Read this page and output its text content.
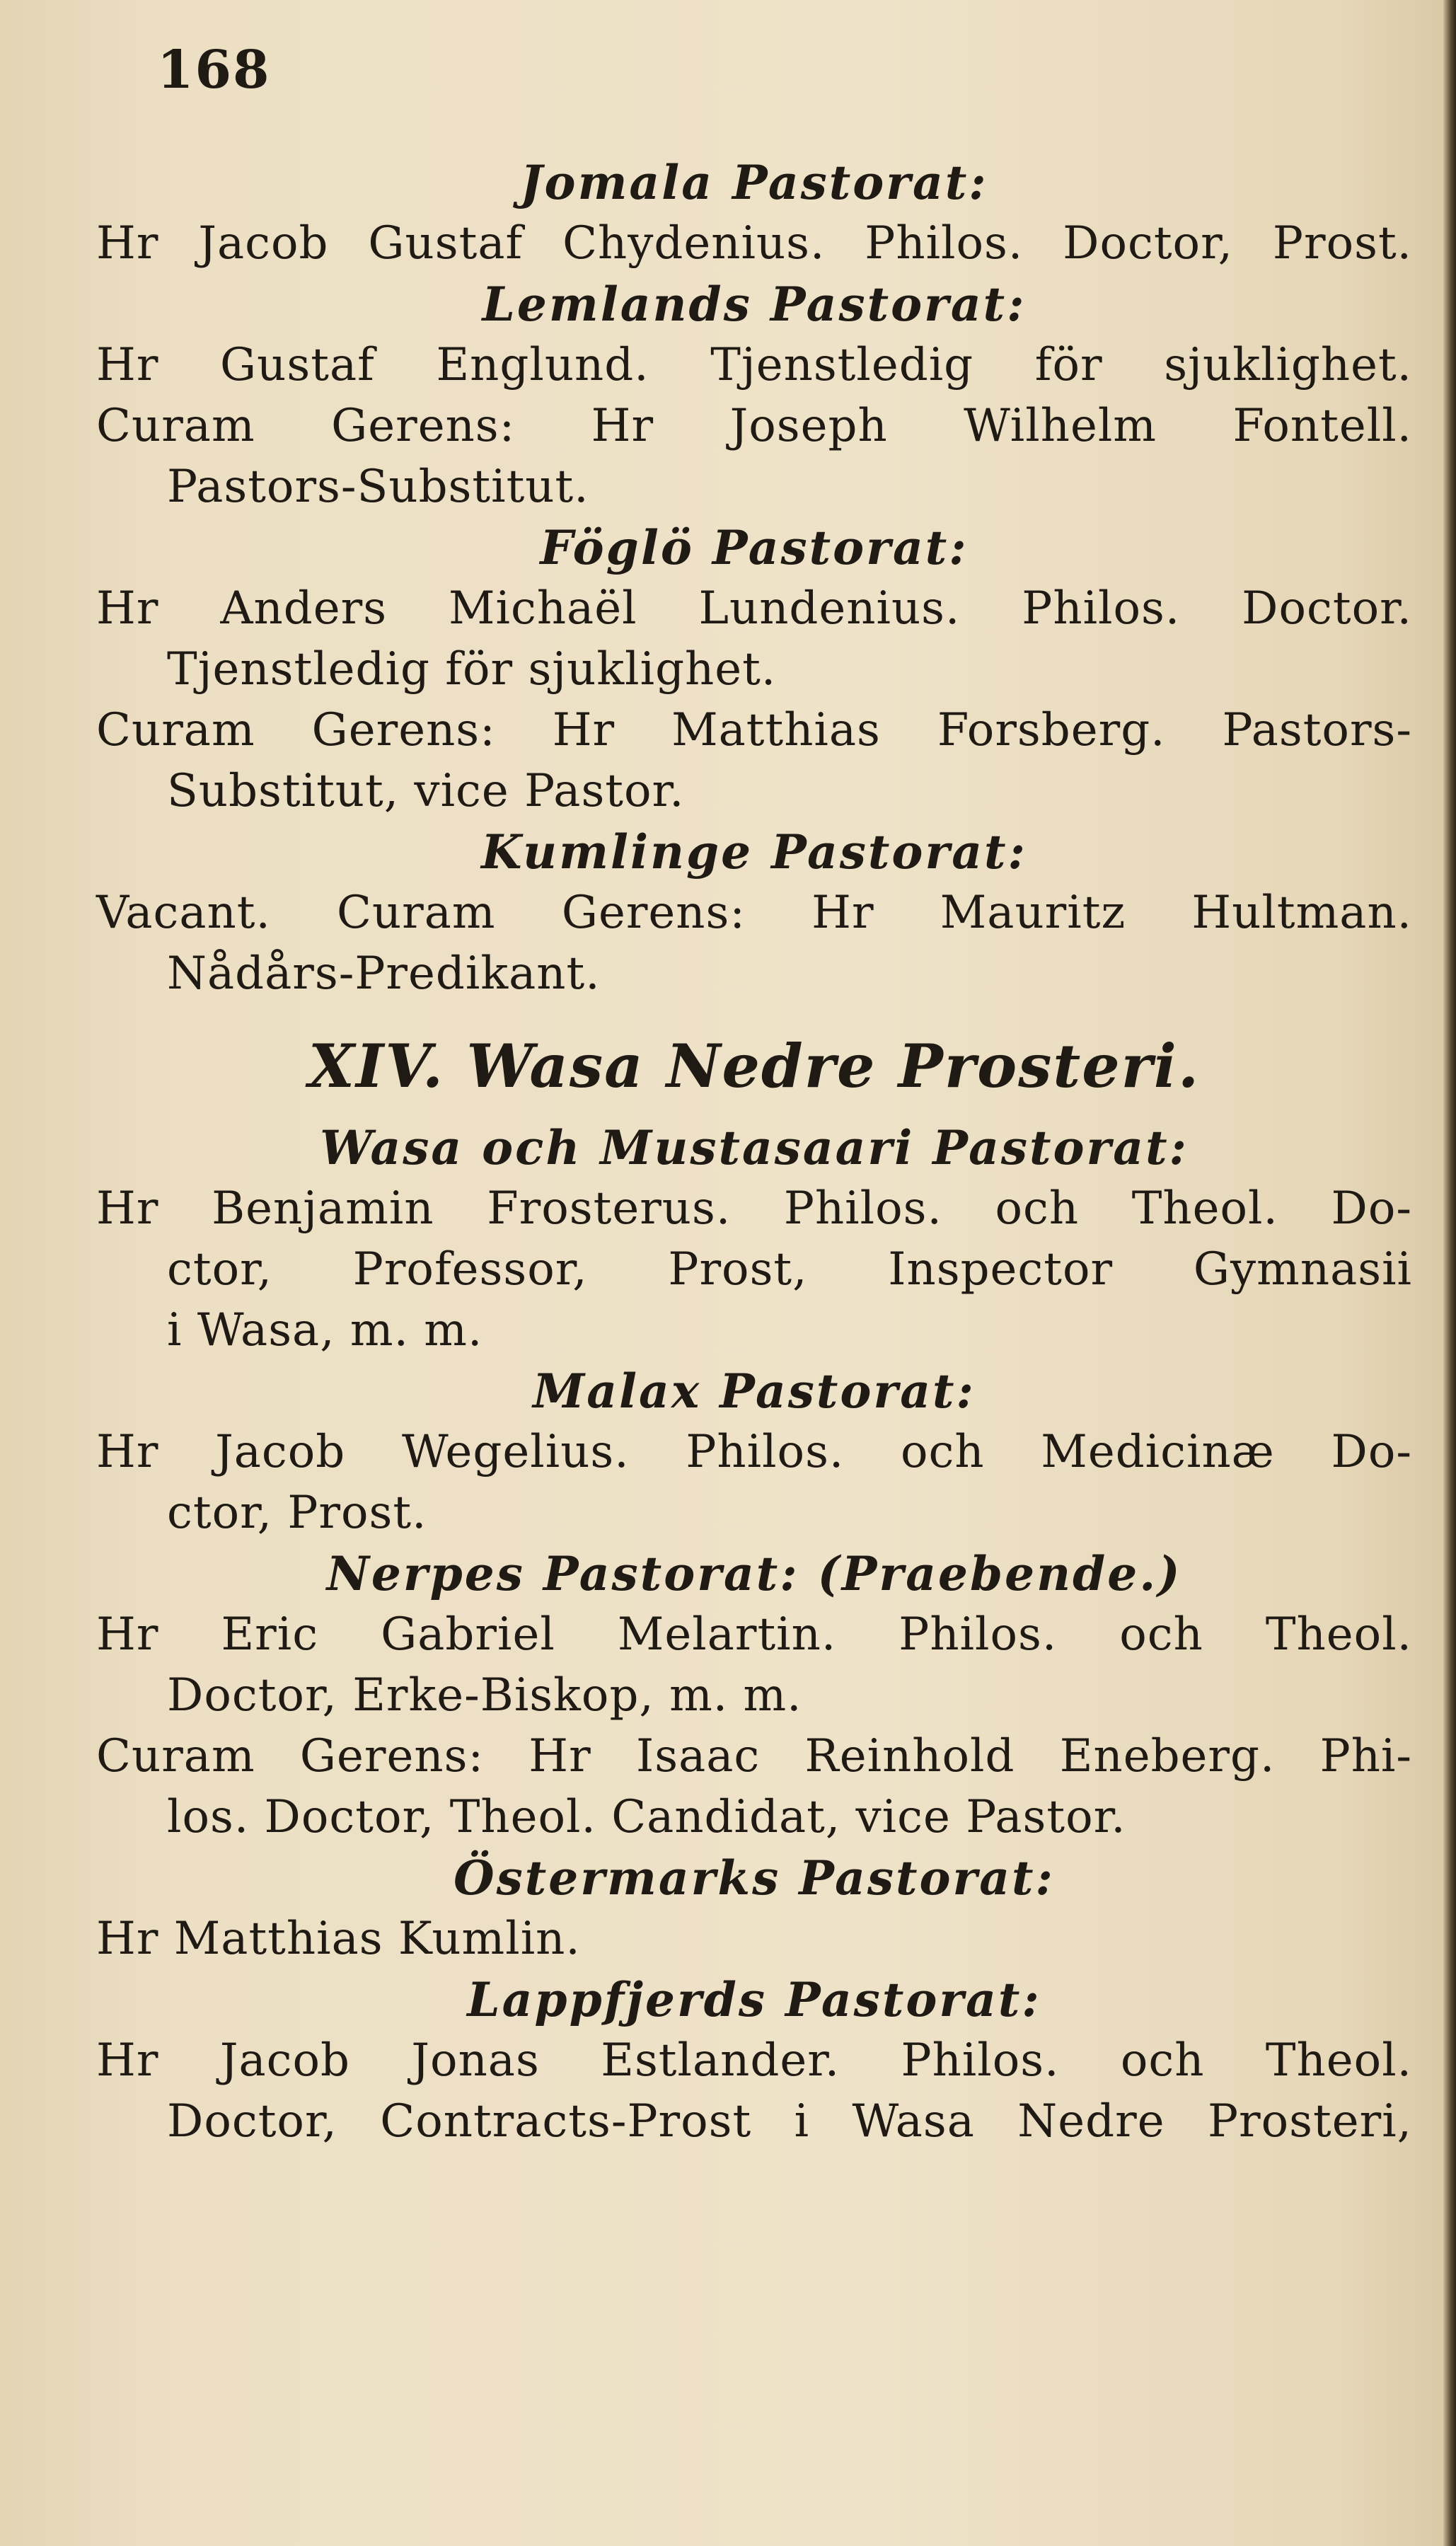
168
Jomala Pastorat:
Hr Jacob Gustaf Chydenius. Philos. Doctor, Prost.
Lemlands Pastorat:
Hr Gustaf Englund. Tjenstledig för sjuklighet.
Curam Gerens: Hr Joseph Wilhelm Fontell.
Pastors-Substitut.
Föglö Pastorat:
Hr Anders Michaël Lundenius. Philos. Doctor.
Tjenstledig för sjuklighet.
Curam Gerens: Hr Matthias Forsberg. Pastors-
Substitut, vice Pastor.
Kumlinge Pastorat:
Vacant. Curam Gerens: Hr Mauritz Hultman.
Nådårs-Predikant.
XIV. Wasa Nedre Prosteri.
Wasa och Mustasaari Pastorat:
Hr Benjamin Frosterus. Philos. och Theol. Do-
ctor, Professor, Prost, Inspector Gymnasii
i Wasa, m. m.
Malax Pastorat:
Hr Jacob Wegelius. Philos. och Medicinæ Do-
ctor, Prost.
Nerpes Pastorat: (Praebende.)
Hr Eric Gabriel Melartin. Philos. och Theol.
Doctor, Erke-Biskop, m. m.
Curam Gerens: Hr Isaac Reinhold Eneberg. Phi-
los. Doctor, Theol. Candidat, vice Pastor.
Östermarks Pastorat:
Hr Matthias Kumlin.
Lappfjerds Pastorat:
Hr Jacob Jonas Estlander. Philos. och Theol.
Doctor, Contracts-Prost i Wasa Nedre Prosteri,
